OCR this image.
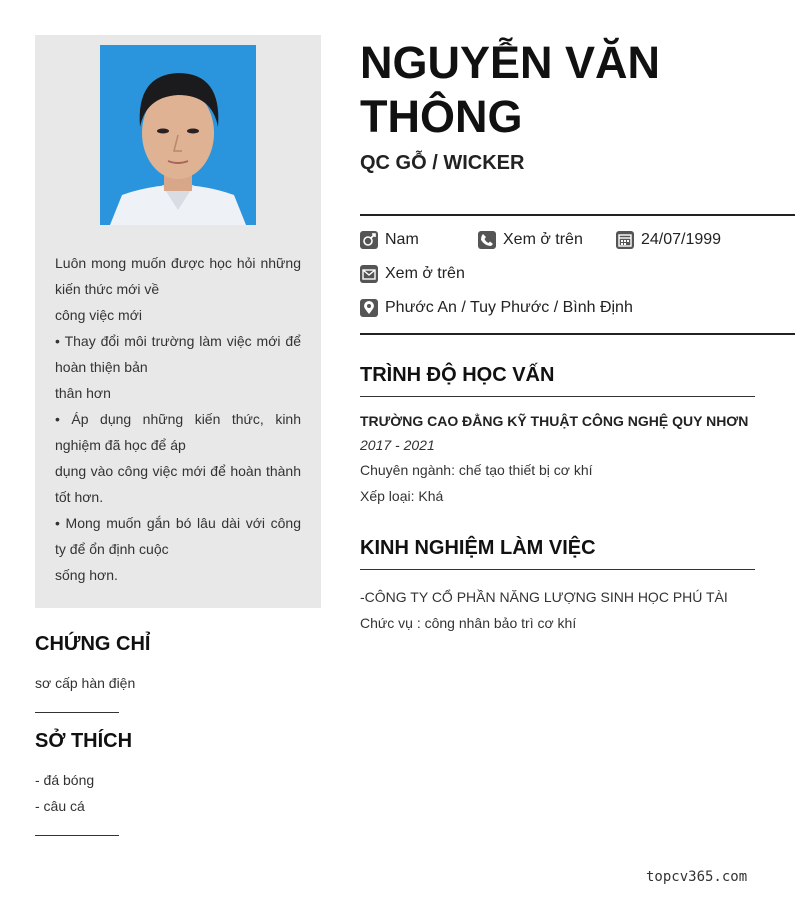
Luôn mong muốn được học hỏi những kiến thức mới về
công việc mới
• Thay đổi môi trường làm việc mới để hoàn thiện bản
thân hơn
• Áp dụng những kiến thức, kinh nghiệm đã học để áp
dụng vào công việc mới để hoàn thành tốt hơn.
• Mong muốn gắn bó lâu dài với công ty để ổn định cuộc
sống hơn.
CHỨNG CHỈ
sơ cấp hàn điện
SỞ THÍCH
- đá bóng
- câu cá
NGUYỄN VĂN
THÔNG
QC GỖ / WICKER
Nam	Xem ở trên	24/07/1999
Xem ở trên
Phước An / Tuy Phước / Bình Định
TRÌNH ĐỘ HỌC VẤN
TRƯỜNG CAO ĐẲNG KỸ THUẬT CÔNG NGHỆ QUY NHƠN
2017 - 2021
Chuyên ngành: chế tạo thiết bị cơ khí
Xếp loại: Khá
KINH NGHIỆM LÀM VIỆC
-CÔNG TY CỔ PHẦN NĂNG LƯỢNG SINH HỌC PHÚ TÀI
Chức vụ : công nhân bảo trì cơ khí
topcv365.com
